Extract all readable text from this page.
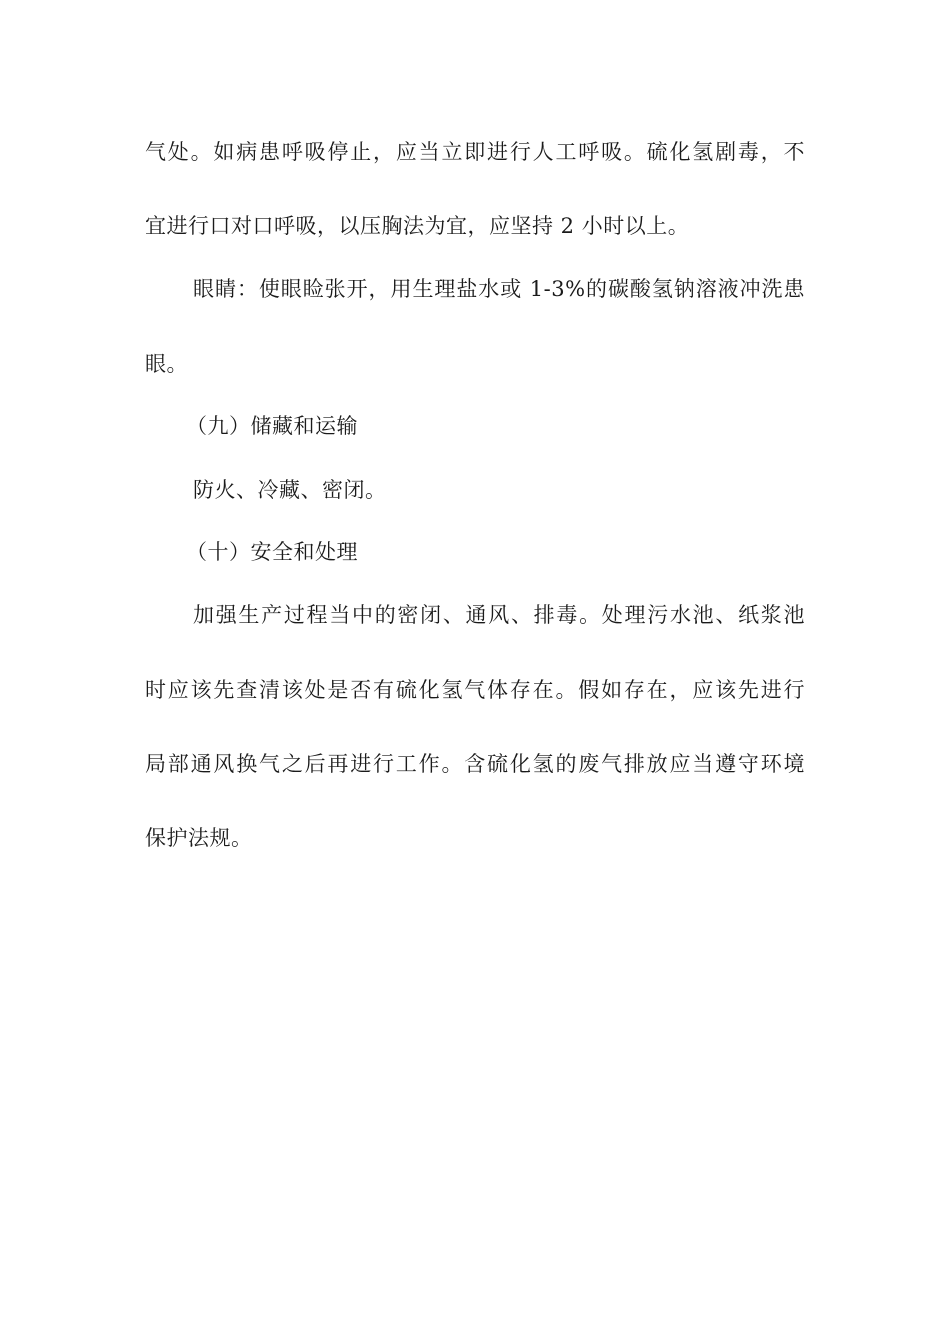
气处。如病患呼吸停止，应当立即进行人工呼吸。硫化氢剧毒，不
宜进行口对口呼吸，以压胸法为宜，应坚持 2 小时以上。
眼睛：使眼睑张开，用生理盐水或 1-3%的碳酸氢钠溶液冲洗患
眼。
（九）储藏和运输
防火、冷藏、密闭。
（十）安全和处理
加强生产过程当中的密闭、通风、排毒。处理污水池、纸浆池
时应该先查清该处是否有硫化氢气体存在。假如存在，应该先进行
局部通风换气之后再进行工作。含硫化氢的废气排放应当遵守环境
保护法规。
